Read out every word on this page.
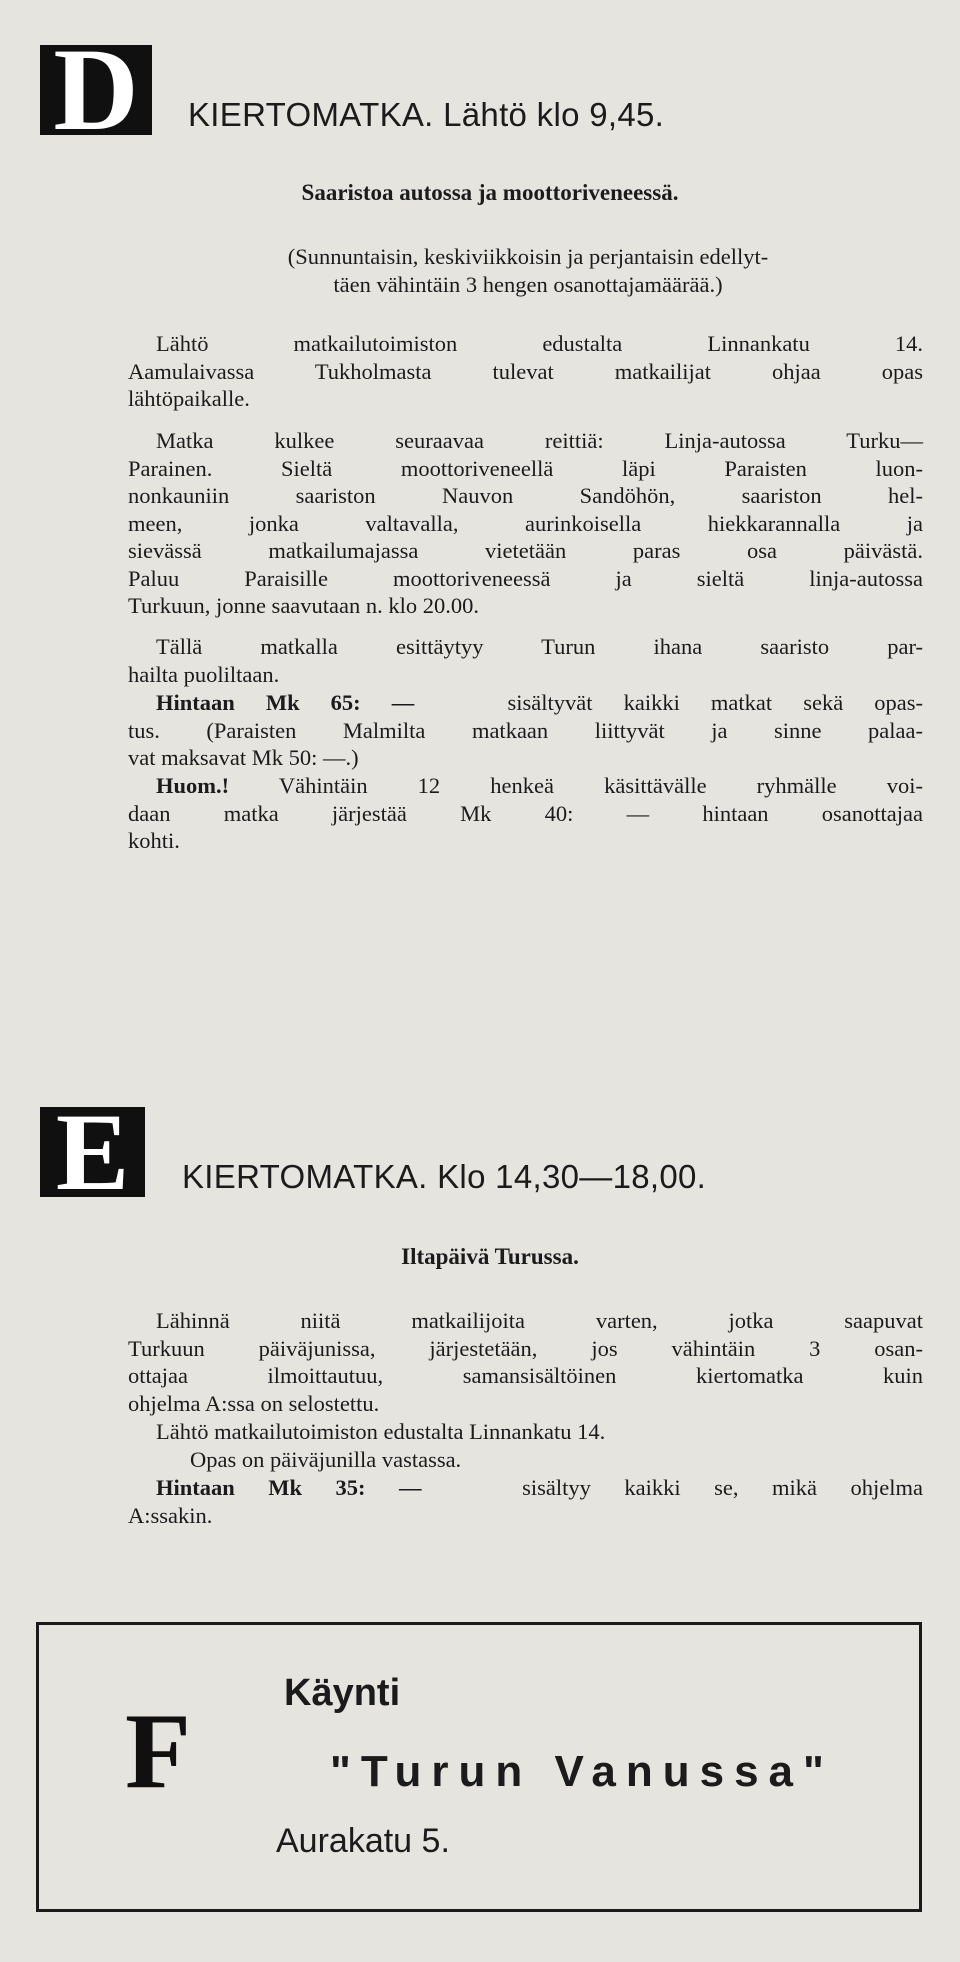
D	KIERTOMATKA. Lähtö klo 9,45.
Saaristoa autossa ja moottoriveneessä.
(Sunnuntaisin, keskiviikkoisin ja perjantaisin edellyt-
täen vähintäin 3 hengen osanottajamäärää.)
Lähtö matkailutoimiston edustalta Linnankatu 14.
Aamulaivassa Tukholmasta tulevat matkailijat ohjaa opas
lähtöpaikalle.
Matka kulkee seuraavaa reittiä: Linja-autossa Turku—
Parainen. Sieltä moottoriveneellä läpi Paraisten luon-
nonkauniin saariston Nauvon Sandöhön, saariston hel-
meen, jonka valtavalla, aurinkoisella hiekkarannalla ja
sievässä matkailumajassa vietetään paras osa päivästä.
Paluu Paraisille moottoriveneessä ja sieltä linja-autossa
Turkuun, jonne saavutaan n. klo 20.00.
Tällä matkalla esittäytyy Turun ihana saaristo par-
hailta puoliltaan.
Hintaan Mk 65: —	sisältyvät kaikki matkat sekä opas-
tus. (Paraisten Malmilta matkaan liittyvät ja sinne palaa-
vat maksavat Mk 50: —.)
Huom.! Vähintäin 12 henkeä käsittävälle ryhmälle voi-
daan matka järjestää Mk 40: — hintaan osanottajaa
kohti.
E	KIERTOMATKA. Klo 14,30—18,00.
Iltapäivä Turussa.
Lähinnä niitä matkailijoita varten, jotka saapuvat
Turkuun päiväjunissa, järjestetään, jos vähintäin 3 osan-
ottajaa ilmoittautuu, samansisältöinen kiertomatka kuin
ohjelma A:ssa on selostettu.
Lähtö matkailutoimiston edustalta Linnankatu 14.
Opas on päiväjunilla vastassa.
Hintaan Mk 35: —	sisältyy kaikki se, mikä ohjelma
A:ssakin.
F	Käynti
"Turun Vanussa"
Aurakatu 5.
